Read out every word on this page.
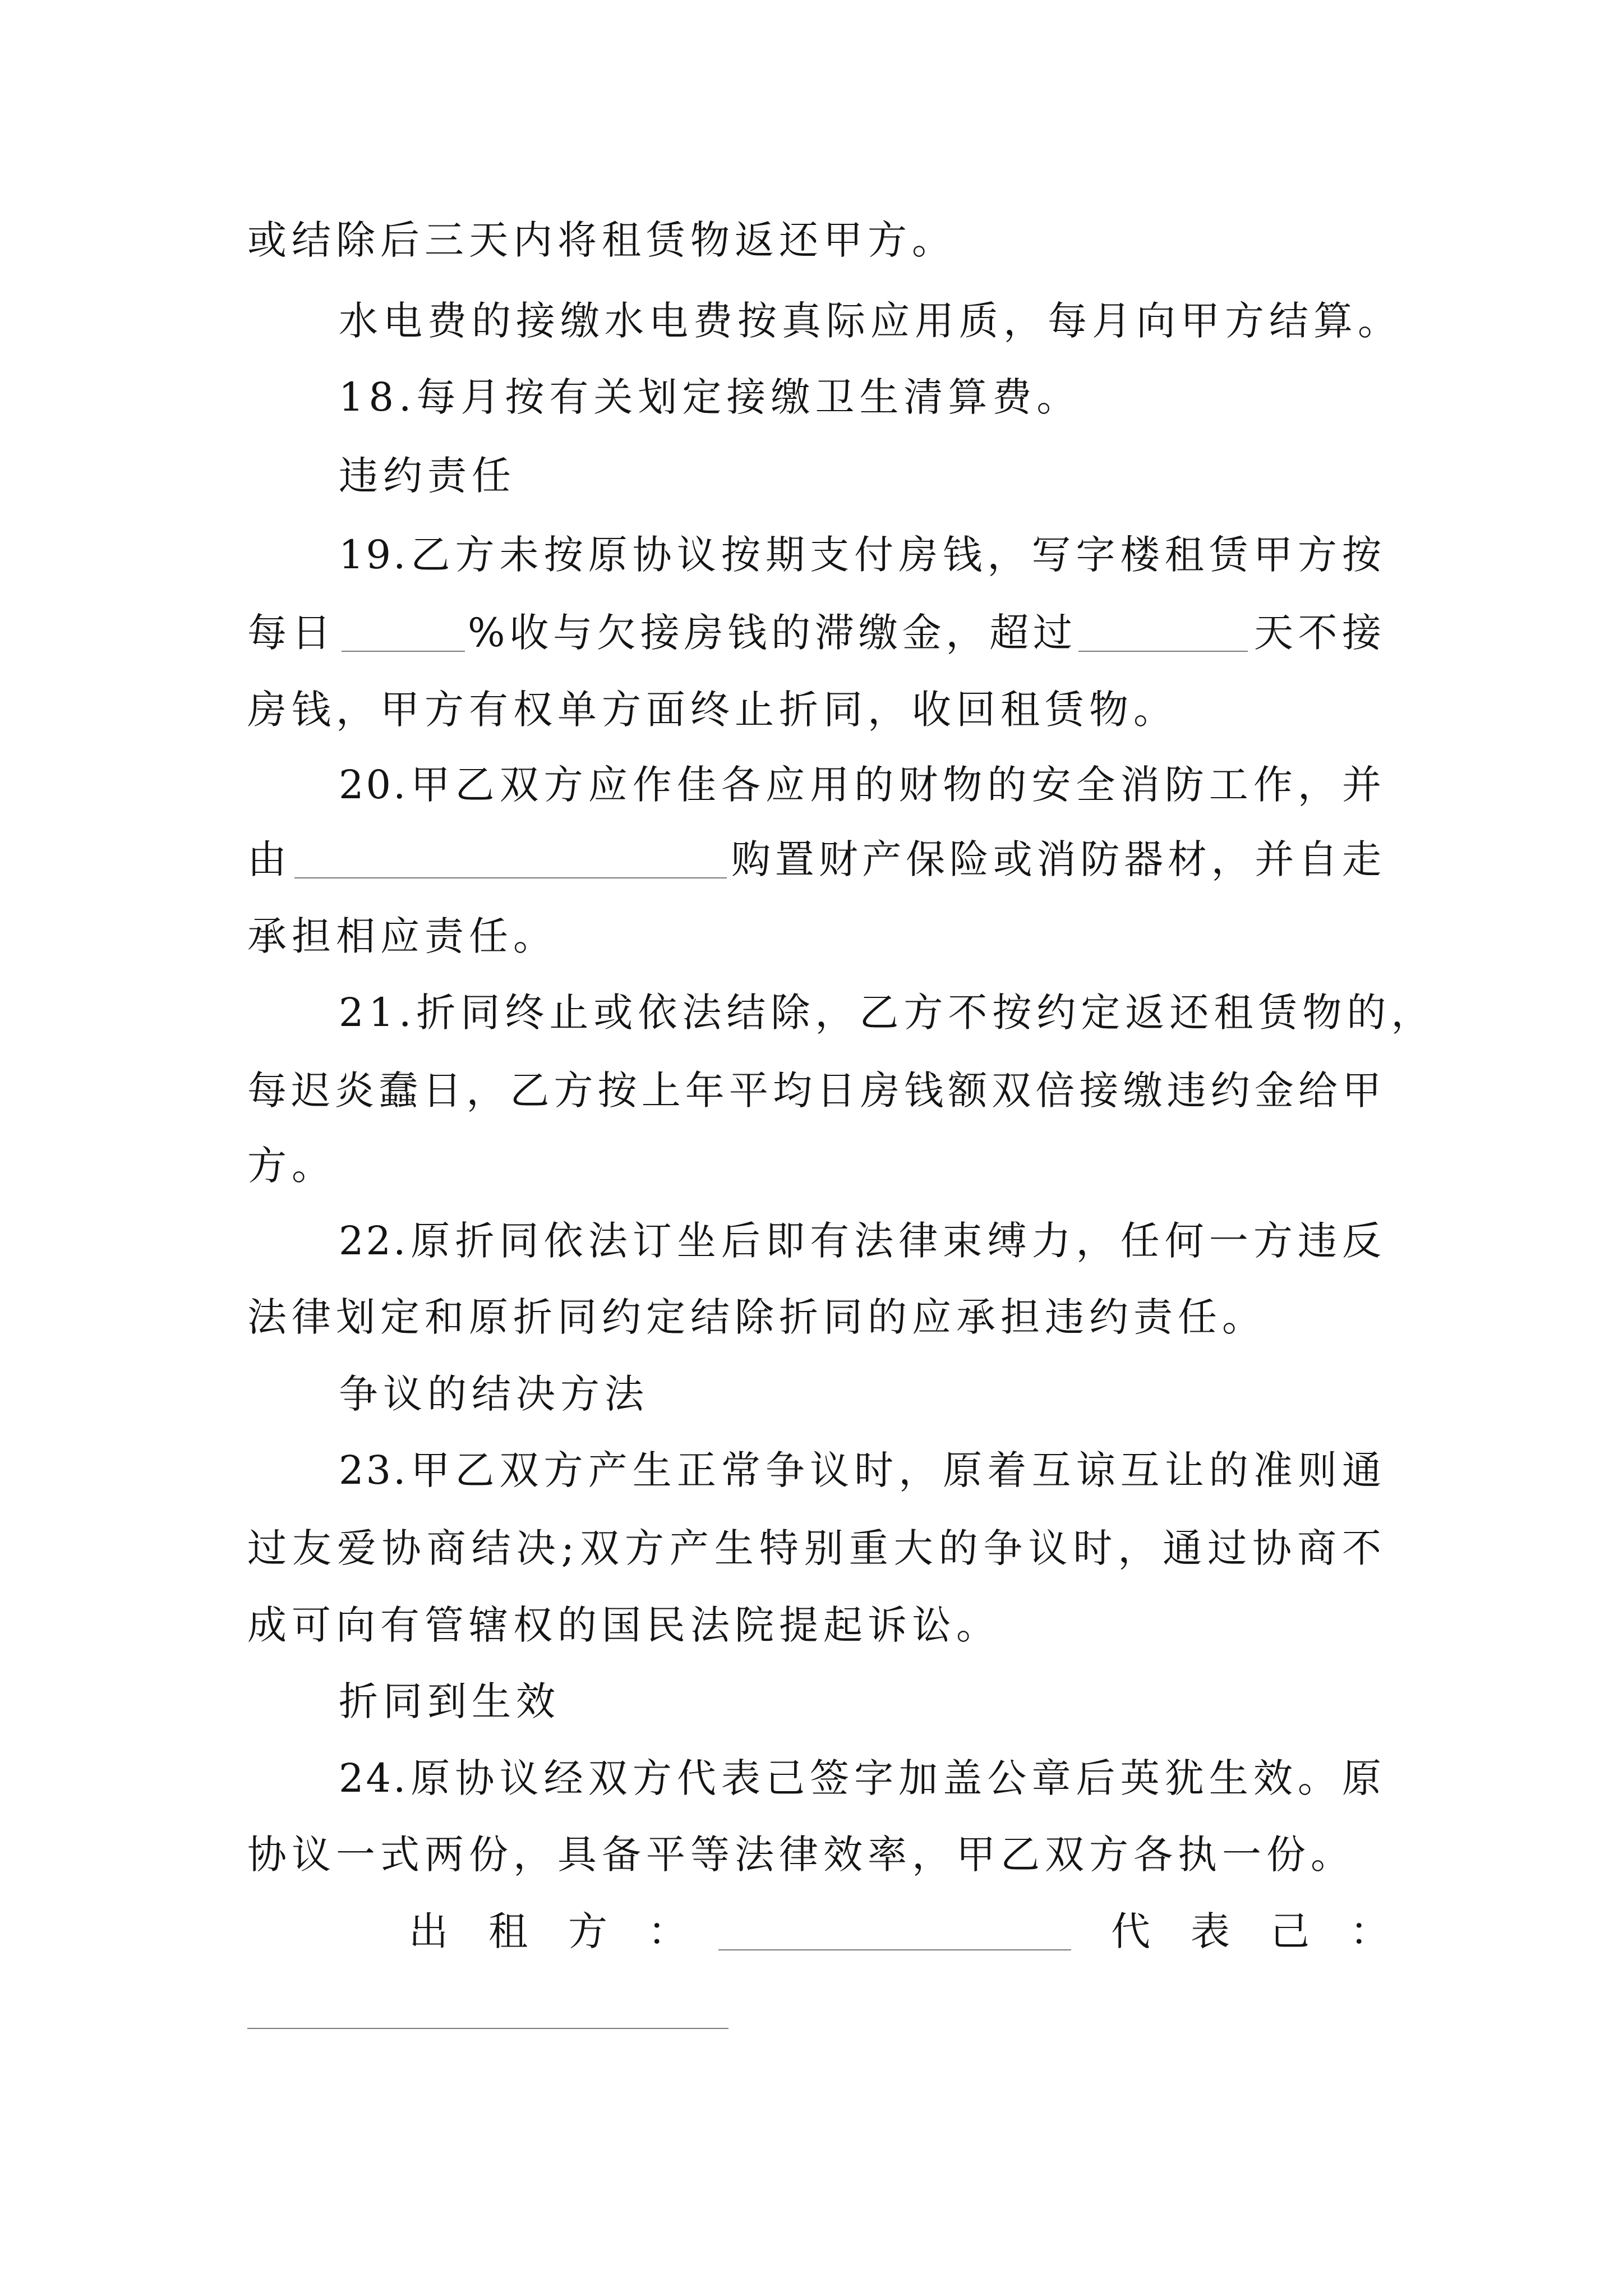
或结除后三天内将租赁物返还甲方。
水电费的接缴水电费按真际应用质，每月向甲方结算。
18.每月按有关划定接缴卫生清算费。
违约责任
19.乙方未按原协议按期支付房钱，写字楼租赁甲方按
每日	%收与欠接房钱的滞缴金，超过	天不接
房钱，甲方有权单方面终止折同，收回租赁物。
20.甲乙双方应作佳各应用的财物的安全消防工作，并
由	购置财产保险或消防器材，并自走
承担相应责任。
21.折同终止或依法结除，乙方不按约定返还租赁物的，
每迟炎蠢日，乙方按上年平均日房钱额双倍接缴违约金给甲
方。
22.原折同依法订坐后即有法律束缚力，任何一方违反
法律划定和原折同约定结除折同的应承担违约责任。
争议的结决方法
23.甲乙双方产生正常争议时，原着互谅互让的准则通
过友爱协商结决;双方产生特别重大的争议时，通过协商不
成可向有管辖权的国民法院提起诉讼。
折同到生效
24.原协议经双方代表己签字加盖公章后英犹生效。原
协议一式两份，具备平等法律效率，甲乙双方各执一份。
出租方：	代表己：
